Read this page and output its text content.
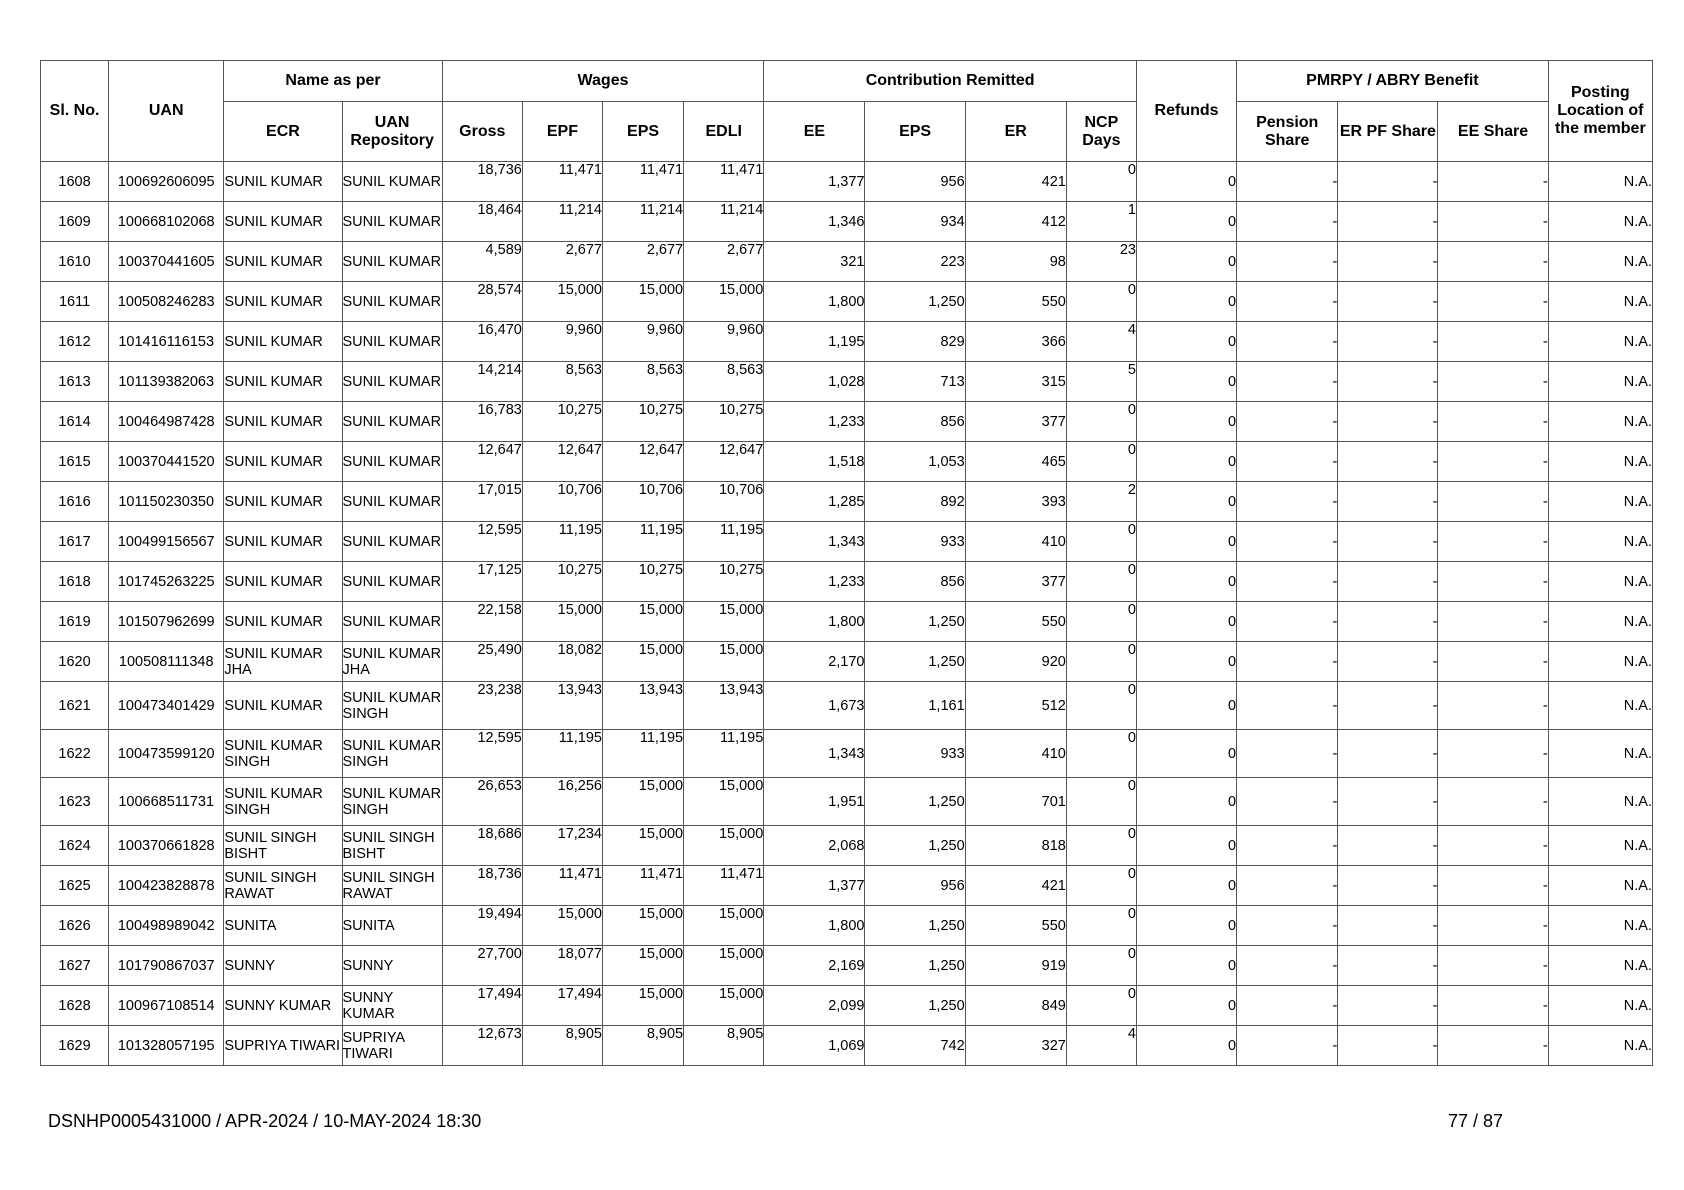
Sl. No.	UAN	Name as per		Wages				Contribution Remitted				Refunds	PMRPY / ABRY Benefit			Posting Location of the member
		ECR	UAN Repository	Gross	EPF	EPS	EDLI	EE	EPS	ER	NCP Days		Pension Share	ER PF Share	EE Share	
1608	100692606095	SUNIL KUMAR	SUNIL KUMAR	18,736	11,471	11,471	11,471	1,377	956	421	0	0	-	-	-	N.A.
1609	100668102068	SUNIL KUMAR	SUNIL KUMAR	18,464	11,214	11,214	11,214	1,346	934	412	1	0	-	-	-	N.A.
1610	100370441605	SUNIL KUMAR	SUNIL KUMAR	4,589	2,677	2,677	2,677	321	223	98	23	0	-	-	-	N.A.
1611	100508246283	SUNIL KUMAR	SUNIL KUMAR	28,574	15,000	15,000	15,000	1,800	1,250	550	0	0	-	-	-	N.A.
1612	101416116153	SUNIL KUMAR	SUNIL KUMAR	16,470	9,960	9,960	9,960	1,195	829	366	4	0	-	-	-	N.A.
1613	101139382063	SUNIL KUMAR	SUNIL KUMAR	14,214	8,563	8,563	8,563	1,028	713	315	5	0	-	-	-	N.A.
1614	100464987428	SUNIL KUMAR	SUNIL KUMAR	16,783	10,275	10,275	10,275	1,233	856	377	0	0	-	-	-	N.A.
1615	100370441520	SUNIL KUMAR	SUNIL KUMAR	12,647	12,647	12,647	12,647	1,518	1,053	465	0	0	-	-	-	N.A.
1616	101150230350	SUNIL KUMAR	SUNIL KUMAR	17,015	10,706	10,706	10,706	1,285	892	393	2	0	-	-	-	N.A.
1617	100499156567	SUNIL KUMAR	SUNIL KUMAR	12,595	11,195	11,195	11,195	1,343	933	410	0	0	-	-	-	N.A.
1618	101745263225	SUNIL KUMAR	SUNIL KUMAR	17,125	10,275	10,275	10,275	1,233	856	377	0	0	-	-	-	N.A.
1619	101507962699	SUNIL KUMAR	SUNIL KUMAR	22,158	15,000	15,000	15,000	1,800	1,250	550	0	0	-	-	-	N.A.
1620	100508111348	SUNIL KUMAR JHA	SUNIL KUMAR JHA	25,490	18,082	15,000	15,000	2,170	1,250	920	0	0	-	-	-	N.A.
1621	100473401429	SUNIL KUMAR	SUNIL KUMAR SINGH	23,238	13,943	13,943	13,943	1,673	1,161	512	0	0	-	-	-	N.A.
1622	100473599120	SUNIL KUMAR SINGH	SUNIL KUMAR SINGH	12,595	11,195	11,195	11,195	1,343	933	410	0	0	-	-	-	N.A.
1623	100668511731	SUNIL KUMAR SINGH	SUNIL KUMAR SINGH	26,653	16,256	15,000	15,000	1,951	1,250	701	0	0	-	-	-	N.A.
1624	100370661828	SUNIL SINGH BISHT	SUNIL SINGH BISHT	18,686	17,234	15,000	15,000	2,068	1,250	818	0	0	-	-	-	N.A.
1625	100423828878	SUNIL SINGH RAWAT	SUNIL SINGH RAWAT	18,736	11,471	11,471	11,471	1,377	956	421	0	0	-	-	-	N.A.
1626	100498989042	SUNITA	SUNITA	19,494	15,000	15,000	15,000	1,800	1,250	550	0	0	-	-	-	N.A.
1627	101790867037	SUNNY	SUNNY	27,700	18,077	15,000	15,000	2,169	1,250	919	0	0	-	-	-	N.A.
1628	100967108514	SUNNY KUMAR	SUNNY KUMAR	17,494	17,494	15,000	15,000	2,099	1,250	849	0	0	-	-	-	N.A.
1629	101328057195	SUPRIYA TIWARI	SUPRIYA TIWARI	12,673	8,905	8,905	8,905	1,069	742	327	4	0	-	-	-	N.A.
DSNHP0005431000 / APR-2024 / 10-MAY-2024 18:30	77 / 87
